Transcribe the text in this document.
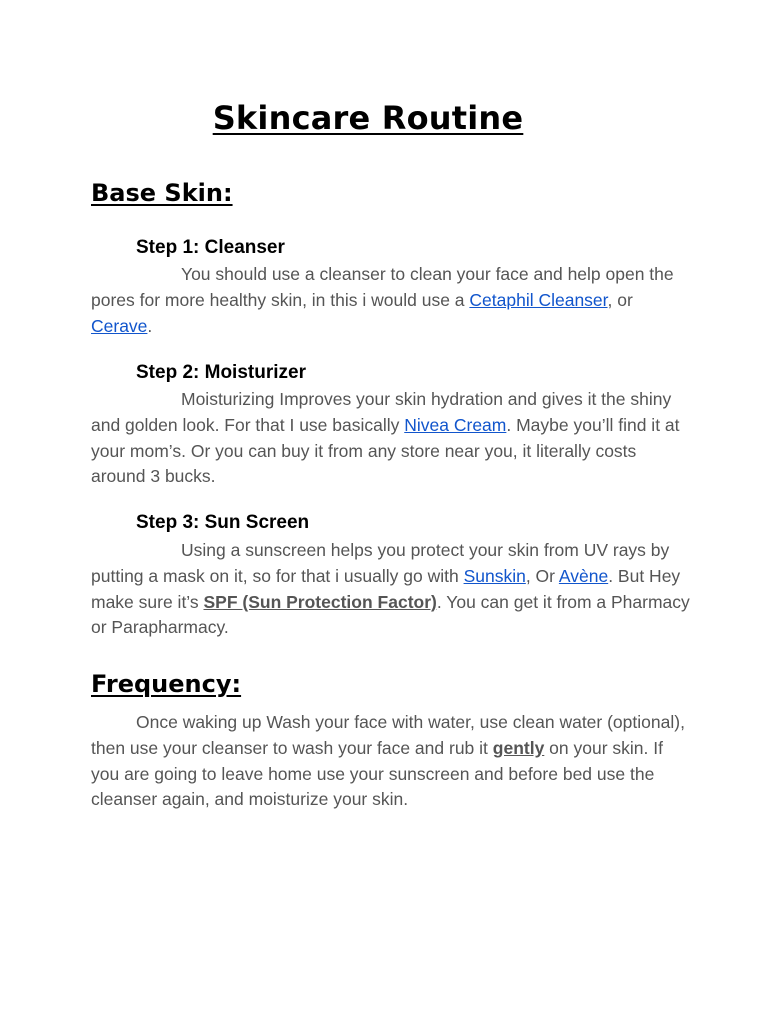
Skincare Routine
Base Skin:
Step 1: Cleanser

You should use a cleanser to clean your face and help open the pores for more healthy skin, in this i would use a Cetaphil Cleanser, or Cerave.

Step 2: Moisturizer

Moisturizing Improves your skin hydration and gives it the shiny and golden look. For that I use basically Nivea Cream. Maybe you’ll find it at your mom’s. Or you can buy it from any store near you, it literally costs around 3 bucks.

Step 3: Sun Screen

Using a sunscreen helps you protect your skin from UV rays by putting a mask on it, so for that i usually go with Sunskin, Or Avène. But Hey make sure it’s SPF (Sun Protection Factor). You can get it from a Pharmacy or Parapharmacy.

Frequency:

Once waking up Wash your face with water, use clean water (optional), then use your cleanser to wash your face and rub it gently on your skin. If you are going to leave home use your sunscreen and before bed use the cleanser again, and moisturize your skin.
